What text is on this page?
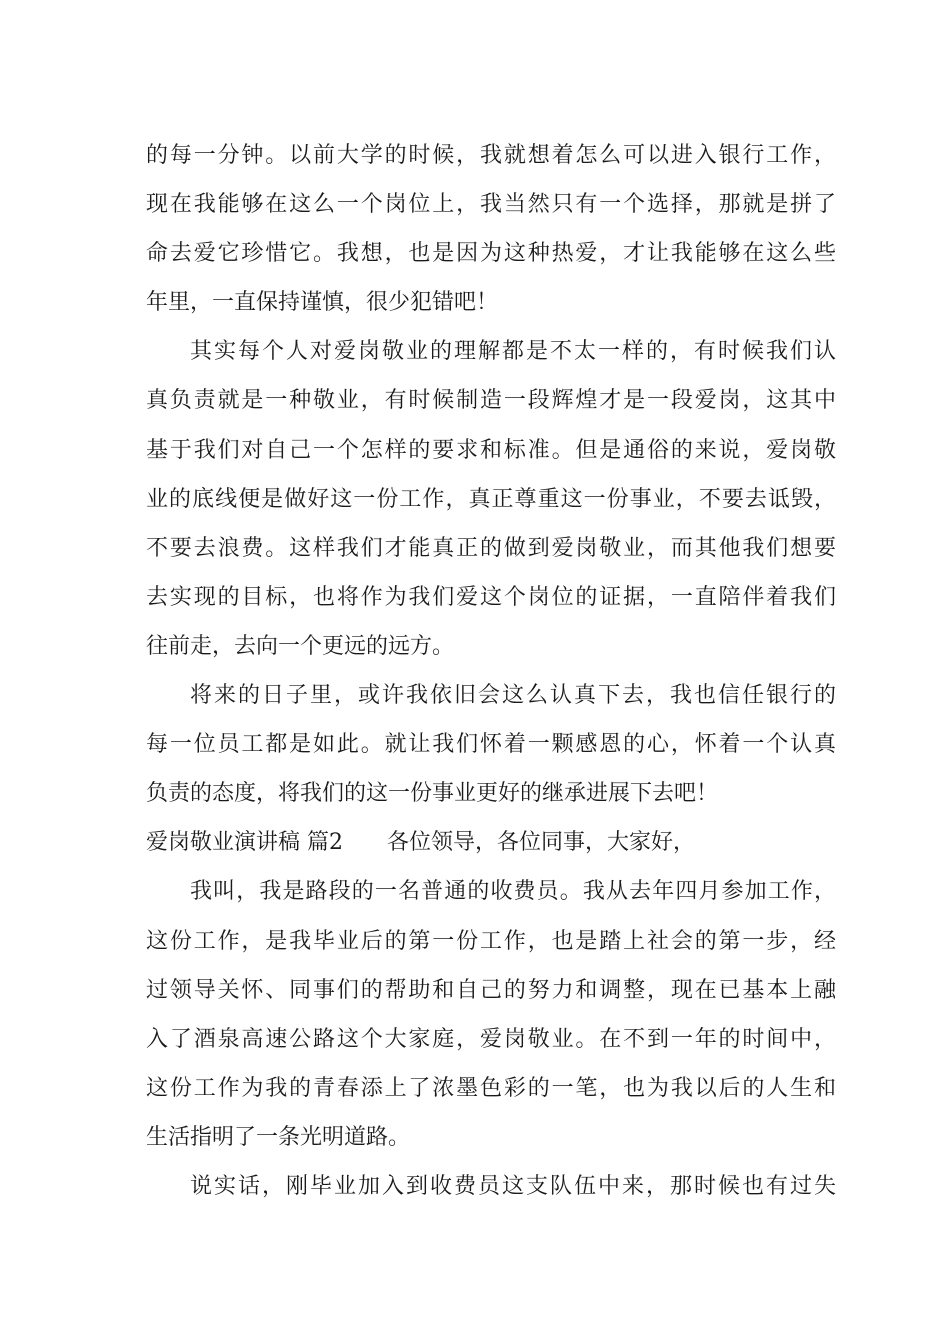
的每一分钟。以前大学的时候，我就想着怎么可以进入银行工作，
现在我能够在这么一个岗位上，我当然只有一个选择，那就是拼了
命去爱它珍惜它。我想，也是因为这种热爱，才让我能够在这么些
年里，一直保持谨慎，很少犯错吧！
其实每个人对爱岗敬业的理解都是不太一样的，有时候我们认
真负责就是一种敬业，有时候制造一段辉煌才是一段爱岗，这其中
基于我们对自己一个怎样的要求和标准。但是通俗的来说，爱岗敬
业的底线便是做好这一份工作，真正尊重这一份事业，不要去诋毁，
不要去浪费。这样我们才能真正的做到爱岗敬业，而其他我们想要
去实现的目标，也将作为我们爱这个岗位的证据，一直陪伴着我们
往前走，去向一个更远的远方。
将来的日子里，或许我依旧会这么认真下去，我也信任银行的
每一位员工都是如此。就让我们怀着一颗感恩的心，怀着一个认真
负责的态度，将我们的这一份事业更好的继承进展下去吧！
爱岗敬业演讲稿 篇2 各位领导，各位同事，大家好，
我叫，我是路段的一名普通的收费员。我从去年四月参加工作，
这份工作，是我毕业后的第一份工作，也是踏上社会的第一步，经
过领导关怀、同事们的帮助和自己的努力和调整，现在已基本上融
入了酒泉高速公路这个大家庭，爱岗敬业。在不到一年的时间中，
这份工作为我的青春添上了浓墨色彩的一笔，也为我以后的人生和
生活指明了一条光明道路。
说实话，刚毕业加入到收费员这支队伍中来，那时候也有过失
